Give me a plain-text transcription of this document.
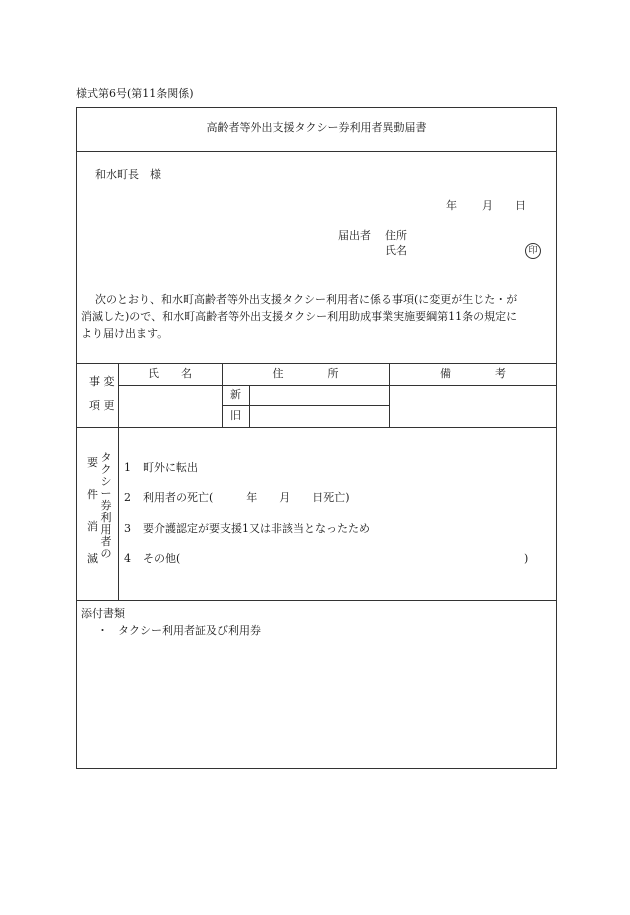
様式第6号(第11条関係)
高齢者等外出支援タクシー券利用者異動届書
和水町長　様
年 月 日
届出者 住所
氏名	印
次のとおり、和水町高齢者等外出支援タクシー利用者に係る事項(に変更が生じた・が
消滅した)ので、和水町高齢者等外出支援タクシー利用助成事業実施要綱第11条の規定に
より届け出ます。
事 変
項 更
氏　　名	住　　　　所	備　　　　考
新
旧
要
件
消
滅
タクシー券利用者の
1 町外に転出
2 利用者の死亡(　　　年　　月　　日死亡)
3 要介護認定が要支援1又は非該当となったため
4 その他(	)
添付書類
・ タクシー利用者証及び利用券
